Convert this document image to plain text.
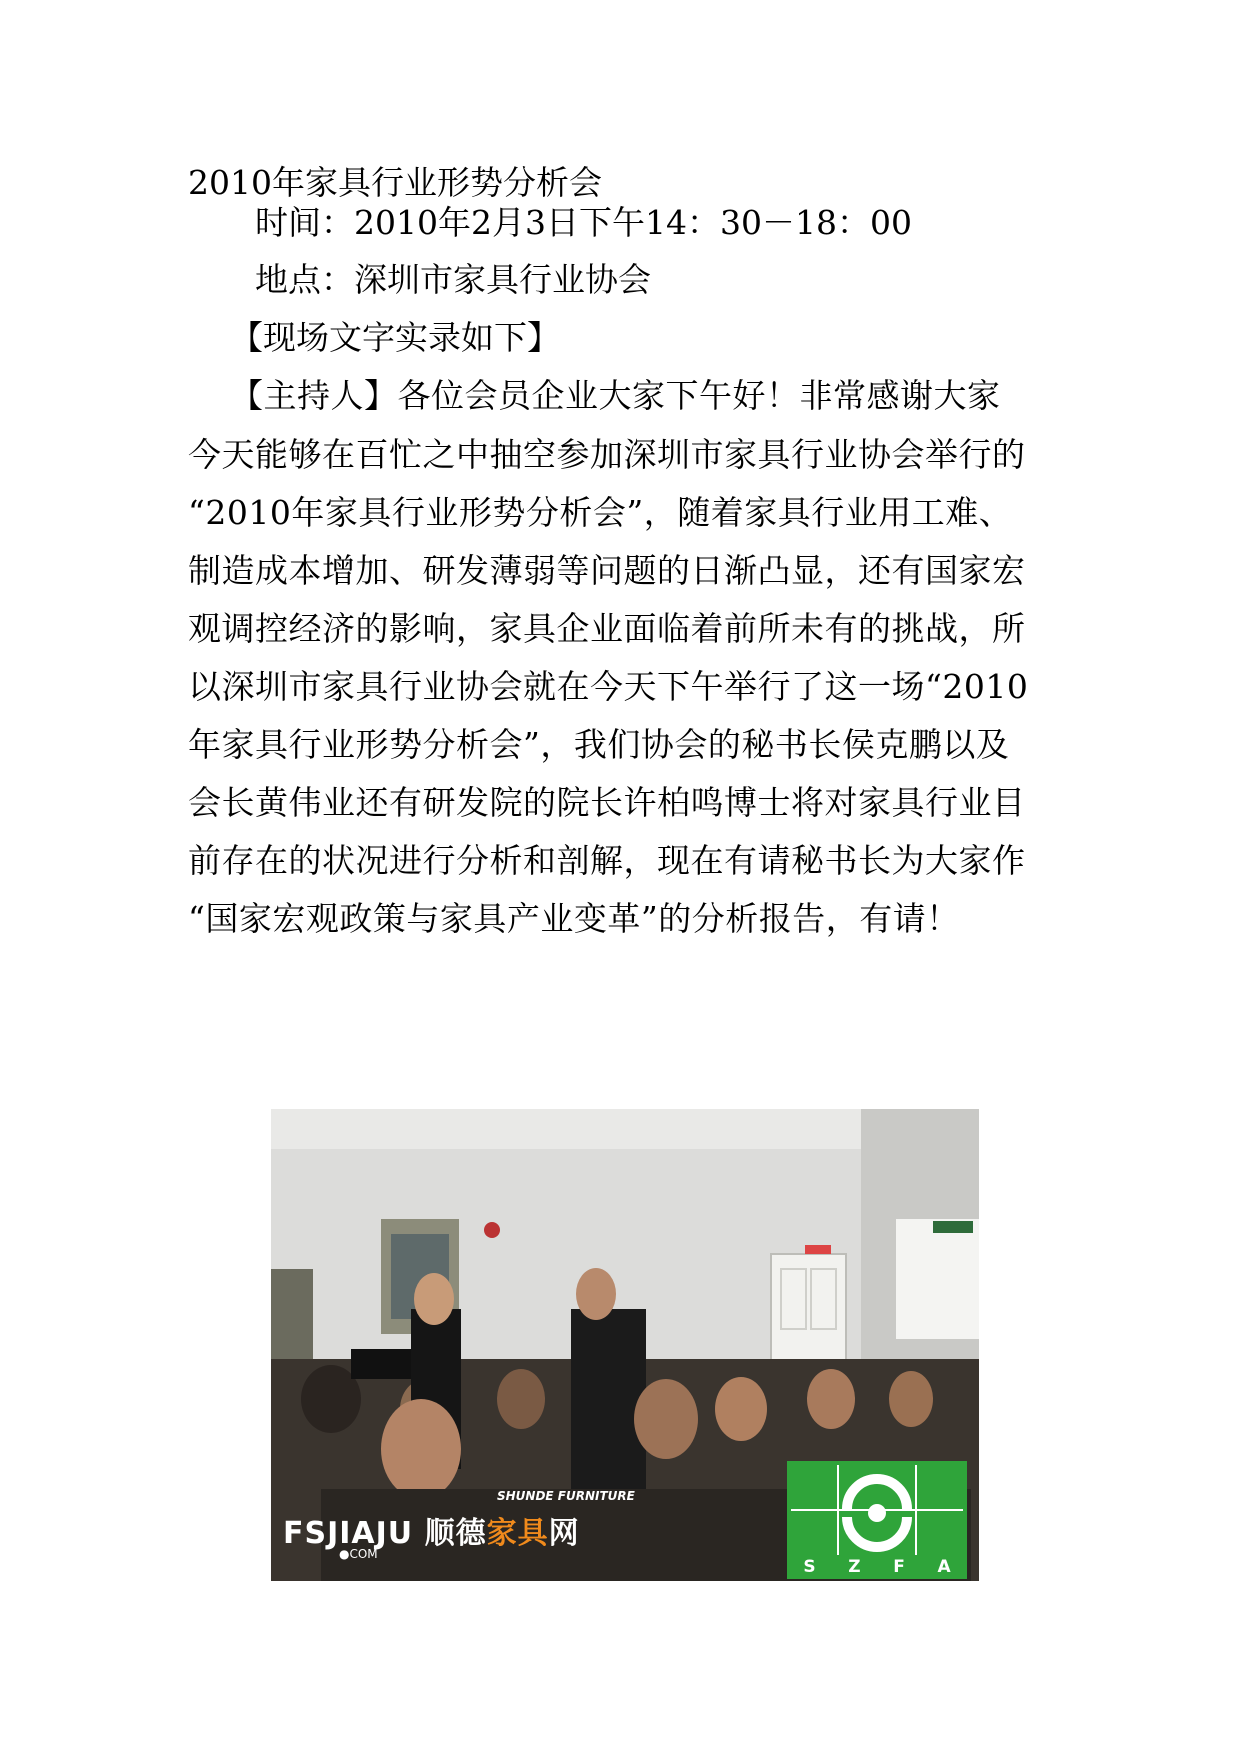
2010年家具行业形势分析会
时间：2010年2月3日下午14：30－18：00
地点：深圳市家具行业协会
【现场文字实录如下】
【主持人】各位会员企业大家下午好！非常感谢大家
今天能够在百忙之中抽空参加深圳市家具行业协会举行的
“2010年家具行业形势分析会”，随着家具行业用工难、
制造成本增加、研发薄弱等问题的日渐凸显，还有国家宏
观调控经济的影响，家具企业面临着前所未有的挑战，所
以深圳市家具行业协会就在今天下午举行了这一场“2010
年家具行业形势分析会”，我们协会的秘书长侯克鹏以及
会长黄伟业还有研发院的院长许柏鸣博士将对家具行业目
前存在的状况进行分析和剖解，现在有请秘书长为大家作
“国家宏观政策与家具产业变革”的分析报告，有请！
SHUNDE FURNITURE
FSJIAJU 顺德家具网
●COM
S Z F A
